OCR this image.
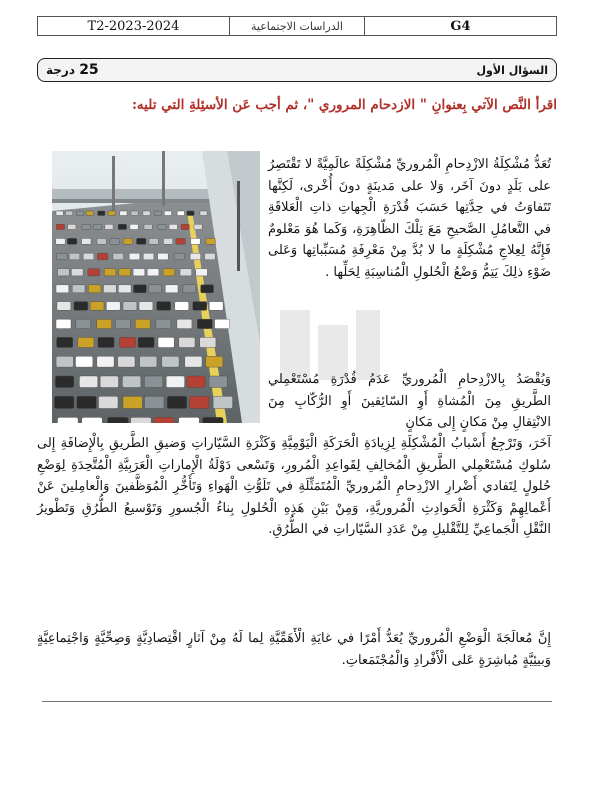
T2-2023-2024	الدراسات الاجتماعية	G4
25 درجة	السؤال الأول
اقرأ النَّص الآتي بِعنوانِ " الازدحام المروري "، ثم أجب عَن الأسئِلةِ التي تليه:
تُعَدُّ مُشْكِلَةُ الازْدِحامِ الْمُروريِّ مُشْكِلَةً عالَمِيَّةً لا تَقْتَصِرُ على بَلَدٍ دونَ آخَر، وَلا على مَدينَةٍ دونَ أُخْرى، لَكِنَّها تَتَفاوَتُ في حِدَّتِها حَسَبَ قُدْرَةِ الْجِهاتِ ذاتِ الْعَلاقَةِ في التَّعامُلِ الصَّحيحِ مَعَ تِلْكَ الظّاهِرَةِ، وَكَما هُوَ مَعْلومٌ فَإِنَّهُ لِعِلاجِ مُشْكِلَةٍ ما لا بُدَّ مِنْ مَعْرِفَةِ مُسَبِّباتِها وَعَلى ضَوْءِ ذلِكَ يَتِمُّ وَضْعُ الْحُلولِ الْمُناسِبَةِ لِحَلِّها .
وَيُقْصَدُ بِالازْدِحامِ الْمُروريِّ عَدَمُ قُدْرَةِ مُسْتَعْمِلي الطَّريقِ مِنَ الْمُشاةِ أَوِ السّائِقينَ أَوِ الرُّكّابِ مِنَ الانْتِقالِ مِنْ مَكانٍ إِلى مَكانٍ
آخَرَ، وَتَرْجِعُ أَسْبابُ الْمُشْكِلَةِ لِزِيادَةِ الْحَرَكَةِ الْيَوْمِيَّةِ وَكَثْرَةِ السَّيّاراتِ وَضيقِ الطَّريقِ بِالْإِضافَةِ إِلى سُلوكِ مُسْتَعْمِلي الطَّريقِ الْمُخالِفِ لِقَواعِدِ الْمُرورِ، وَتَسْعى دَوْلَةُ الْإِماراتِ الْعَرَبِيَّةِ الْمُتَّحِدَةِ لِوَضْعِ حُلولٍ لِتَفادي أَضْرارِ الازْدِحامِ الْمُروريِّ الْمُتَمَثِّلَةِ في تَلَوُّثِ الْهَواءِ وَتَأَخُّرِ الْمُوَظَّفينَ وَالْعامِلينَ عَنْ أَعْمالِهِمْ وَكَثْرَةِ الْحَوادِثِ الْمُروريَّةِ، وَمِنْ بَيْنِ هَذِهِ الْحُلولِ بِناءُ الْجُسورِ وَتَوْسيعُ الطُّرُقِ وَتَطْويرُ النَّقْلِ الْجَماعِيِّ لِلتَّقْليلِ مِنْ عَدَدِ السَّيّاراتِ في الطُّرُقِ.
إِنَّ مُعالَجَةَ الْوَضْعِ الْمُروريِّ يُعَدُّ أَمْرًا في غايَةِ الْأَهَمِّيَّةِ لِما لَهُ مِنْ آثارٍ اقْتِصادِيَّةٍ وَصِحِّيَّةٍ وَاجْتِماعِيَّةٍ وَبيئِيَّةٍ مُباشِرَةٍ عَلى الْأَفْرادِ وَالْمُجْتَمَعاتِ.
